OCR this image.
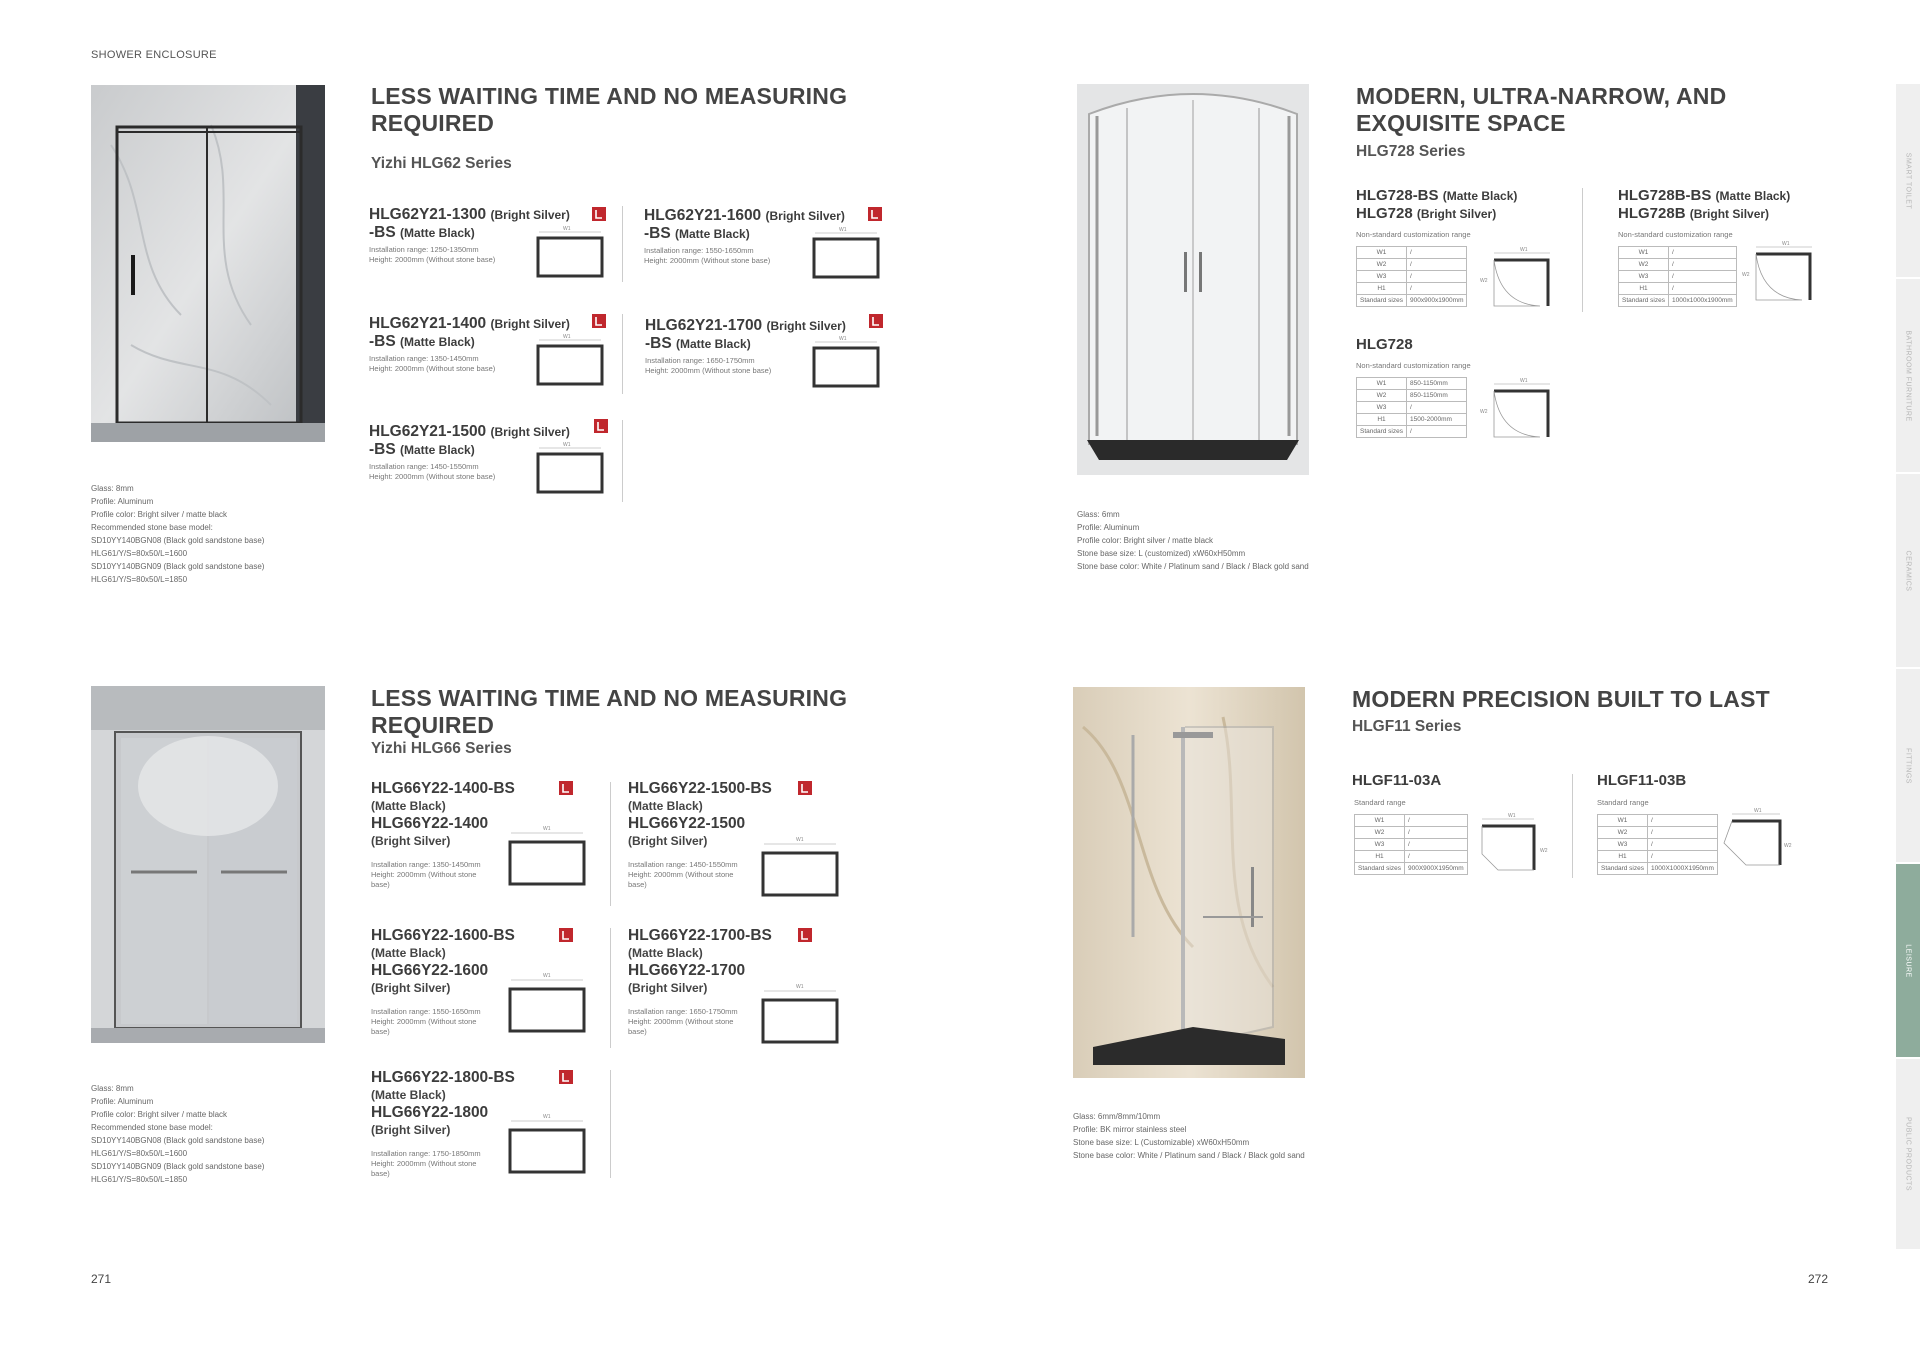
SHOWER ENCLOSURE
271	272
SMART TOILET
BATHROOM FURNITURE
CERAMICS
FITTINGS
LEISURE
PUBLIC PRODUCTS
Glass: 8mm
Profile: Aluminum
Profile color: Bright silver / matte black
Recommended stone base model:
SD10YY140BGN08 (Black gold sandstone base)
HLG61/Y/S=80x50/L=1600
SD10YY140BGN09 (Black gold sandstone base)
HLG61/Y/S=80x50/L=1850
LESS WAITING TIME AND NO MEASURING
REQUIRED
Yizhi HLG62 Series
HLG62Y21-1300 (Bright Silver)
-BS (Matte Black)
Installation range: 1250-1350mm
Height: 2000mm (Without stone base)
HLG62Y21-1600 (Bright Silver)
-BS (Matte Black)
Installation range: 1550-1650mm
Height: 2000mm (Without stone base)
HLG62Y21-1400 (Bright Silver)
-BS (Matte Black)
Installation range: 1350-1450mm
Height: 2000mm (Without stone base)
HLG62Y21-1700 (Bright Silver)
-BS (Matte Black)
Installation range: 1650-1750mm
Height: 2000mm (Without stone base)
HLG62Y21-1500 (Bright Silver)
-BS (Matte Black)
Installation range: 1450-1550mm
Height: 2000mm (Without stone base)
W1	W1
W1	W1
W1
Glass: 8mm
Profile: Aluminum
Profile color: Bright silver / matte black
Recommended stone base model:
SD10YY140BGN08 (Black gold sandstone base)
HLG61/Y/S=80x50/L=1600
SD10YY140BGN09 (Black gold sandstone base)
HLG61/Y/S=80x50/L=1850
LESS WAITING TIME AND NO MEASURING
REQUIRED
Yizhi HLG66 Series
HLG66Y22-1400-BS
(Matte Black)
HLG66Y22-1400
(Bright Silver)
Installation range: 1350-1450mm
Height: 2000mm (Without stone
base)
HLG66Y22-1500-BS
(Matte Black)
HLG66Y22-1500
(Bright Silver)
Installation range: 1450-1550mm
Height: 2000mm (Without stone
base)
HLG66Y22-1600-BS
(Matte Black)
HLG66Y22-1600
(Bright Silver)
Installation range: 1550-1650mm
Height: 2000mm (Without stone
base)
HLG66Y22-1700-BS
(Matte Black)
HLG66Y22-1700
(Bright Silver)
Installation range: 1650-1750mm
Height: 2000mm (Without stone
base)
HLG66Y22-1800-BS
(Matte Black)
HLG66Y22-1800
(Bright Silver)
Installation range: 1750-1850mm
Height: 2000mm (Without stone
base)
W1
W1
W1
W1
W1
Glass: 6mm
Profile: Aluminum
Profile color: Bright silver / matte black
Stone base size: L (customized) xW60xH50mm
Stone base color: White / Platinum sand / Black / Black gold sand
MODERN, ULTRA-NARROW, AND
EXQUISITE SPACE
HLG728 Series
HLG728-BS (Matte Black)
HLG728 (Bright Silver)
Non-standard customization range
W1	/
W2	/
W3	/
H1	/
Standard sizes	900x900x1900mm
W1
W2
HLG728B-BS (Matte Black)
HLG728B (Bright Silver)
Non-standard customization range
W1	/
W2	/
W3	/
H1	/
Standard sizes	1000x1000x1900mm
W1
W2
HLG728
Non-standard customization range
W1	850-1150mm
W2	850-1150mm
W3	/
H1	1500-2000mm
Standard sizes	/
W1
W2
Glass: 6mm/8mm/10mm
Profile: BK mirror stainless steel
Stone base size: L (Customizable) xW60xH50mm
Stone base color: White / Platinum sand / Black / Black gold sand
MODERN PRECISION BUILT TO LAST
HLGF11 Series
HLGF11-03A
Standard range
W1	/
W2	/
W3	/
H1	/
Standard sizes	900X900X1950mm
W1
W2
HLGF11-03B
Standard range
W1	/
W2	/
W3	/
H1	/
Standard sizes	1000X1000X1950mm
W1
W2
